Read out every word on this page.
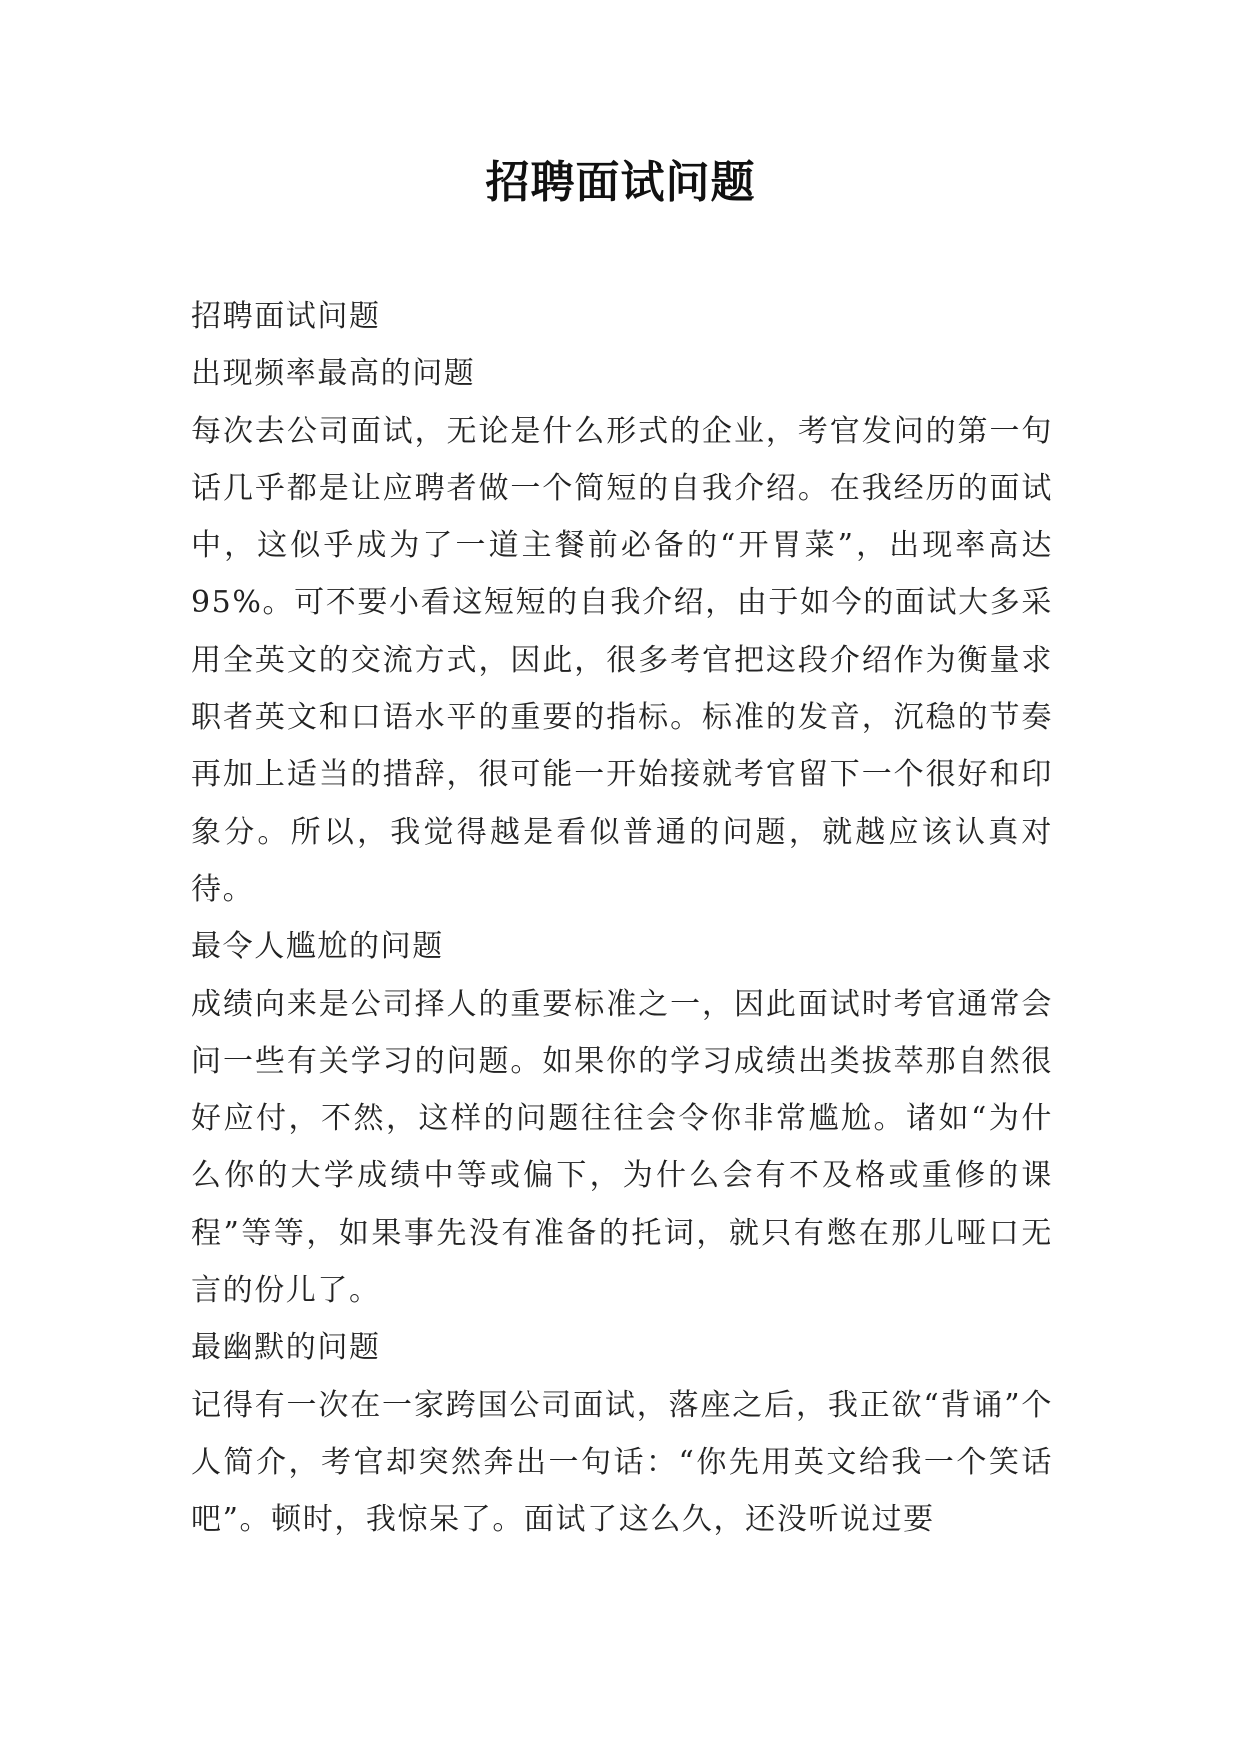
招聘面试问题
招聘面试问题
出现频率最高的问题

每次去公司面试，无论是什么形式的企业，考官发问的第一句话几乎都是让应聘者做一个简短的自我介绍。在我经历的面试中，这似乎成为了一道主餐前必备的“开胃菜”，出现率高达95%。可不要小看这短短的自我介绍，由于如今的面试大多采用全英文的交流方式，因此，很多考官把这段介绍作为衡量求职者英文和口语水平的重要的指标。标准的发音，沉稳的节奏再加上适当的措辞，很可能一开始接就考官留下一个很好和印象分。所以，我觉得越是看似普通的问题，就越应该认真对待。

最令人尴尬的问题

成绩向来是公司择人的重要标准之一，因此面试时考官通常会问一些有关学习的问题。如果你的学习成绩出类拔萃那自然很好应付，不然，这样的问题往往会令你非常尴尬。诸如“为什么你的大学成绩中等或偏下，为什么会有不及格或重修的课程”等等，如果事先没有准备的托词，就只有憋在那儿哑口无言的份儿了。

最幽默的问题

记得有一次在一家跨国公司面试，落座之后，我正欲“背诵”个人简介，考官却突然奔出一句话：“你先用英文给我一个笑话吧”。顿时，我惊呆了。面试了这么久，还没听说过要
